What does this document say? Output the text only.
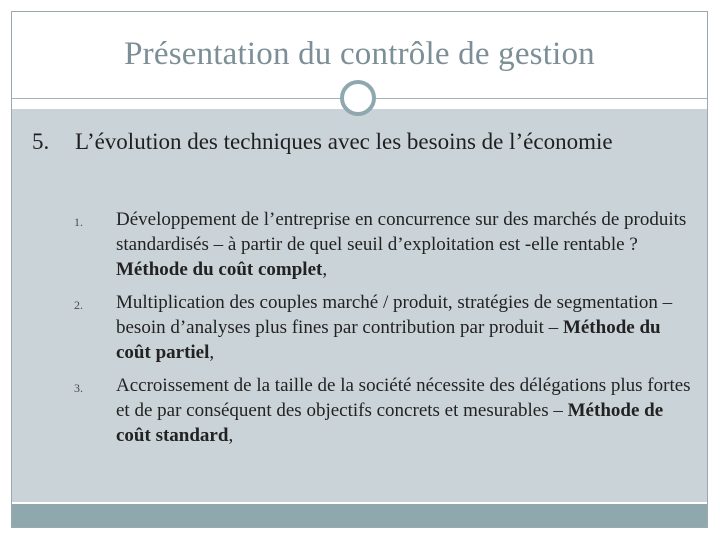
Présentation du contrôle de gestion
5. L’évolution des techniques avec les besoins de l’économie
1. Développement de l’entreprise en concurrence sur des marchés de produits standardisés – à partir de quel seuil d’exploitation est -elle rentable ? Méthode du coût complet,
2. Multiplication des couples marché / produit, stratégies de segmentation – besoin d’analyses plus fines par contribution par produit – Méthode du coût partiel,
3. Accroissement de la taille de la société nécessite des délégations plus fortes et de par conséquent des objectifs concrets et mesurables – Méthode de coût standard,
